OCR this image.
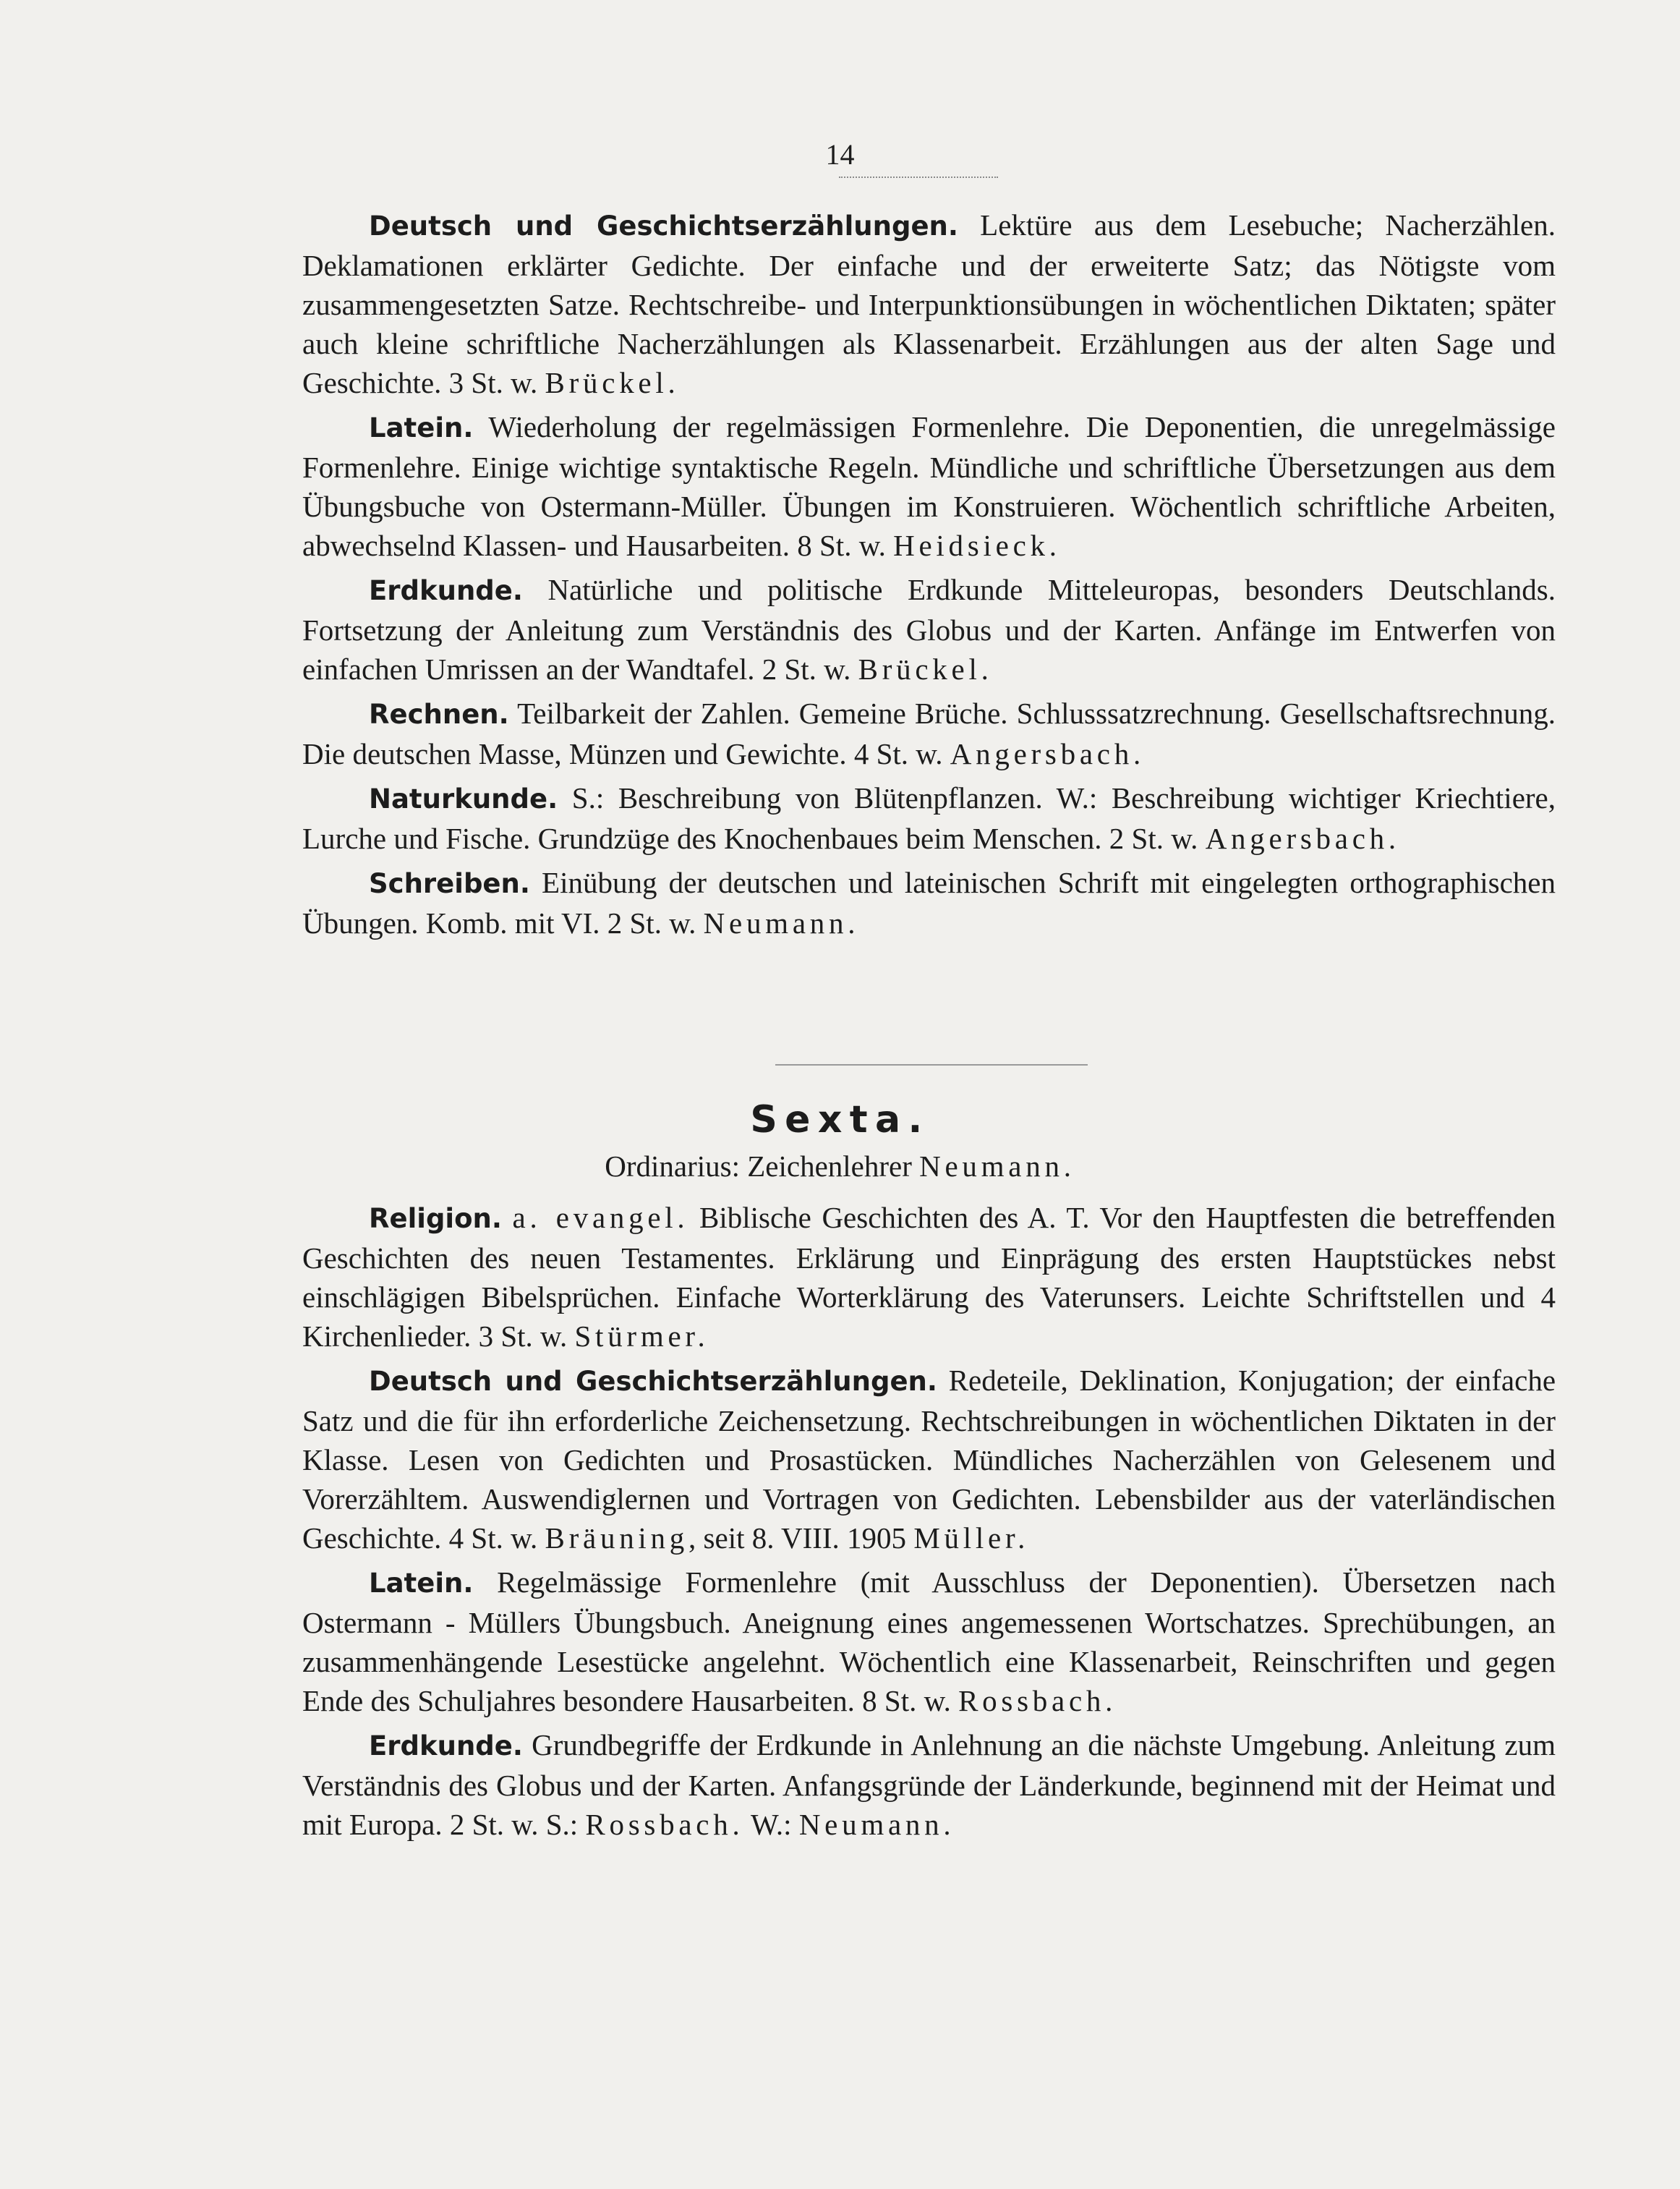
14

Deutsch und Geschichtserzählungen. Lektüre aus dem Lesebuche; Nacherzählen. Deklamationen erklärter Gedichte. Der einfache und der erweiterte Satz; das Nötigste vom zusammengesetzten Satze. Rechtschreibe- und Interpunktionsübungen in wöchentlichen Diktaten; später auch kleine schriftliche Nacherzählungen als Klassenarbeit. Erzählungen aus der alten Sage und Geschichte. 3 St. w. Brückel.

Latein. Wiederholung der regelmässigen Formenlehre. Die Deponentien, die unregelmässige Formenlehre. Einige wichtige syntaktische Regeln. Mündliche und schriftliche Übersetzungen aus dem Übungsbuche von Ostermann-Müller. Übungen im Konstruieren. Wöchentlich schriftliche Arbeiten, abwechselnd Klassen- und Hausarbeiten. 8 St. w. Heidsieck.

Erdkunde. Natürliche und politische Erdkunde Mitteleuropas, besonders Deutschlands. Fortsetzung der Anleitung zum Verständnis des Globus und der Karten. Anfänge im Entwerfen von einfachen Umrissen an der Wandtafel. 2 St. w. Brückel.

Rechnen. Teilbarkeit der Zahlen. Gemeine Brüche. Schlusssatzrechnung. Gesellschaftsrechnung. Die deutschen Masse, Münzen und Gewichte. 4 St. w. Angersbach.

Naturkunde. S.: Beschreibung von Blütenpflanzen. W.: Beschreibung wichtiger Kriechtiere, Lurche und Fische. Grundzüge des Knochenbaues beim Menschen. 2 St. w. Angersbach.

Schreiben. Einübung der deutschen und lateinischen Schrift mit eingelegten orthographischen Übungen. Komb. mit VI. 2 St. w. Neumann.

Sexta.
Ordinarius: Zeichenlehrer Neumann.

Religion. a. evangel. Biblische Geschichten des A. T. Vor den Hauptfesten die betreffenden Geschichten des neuen Testamentes. Erklärung und Einprägung des ersten Hauptstückes nebst einschlägigen Bibelsprüchen. Einfache Worterklärung des Vaterunsers. Leichte Schriftstellen und 4 Kirchenlieder. 3 St. w. Stürmer.

Deutsch und Geschichtserzählungen. Redeteile, Deklination, Konjugation; der einfache Satz und die für ihn erforderliche Zeichensetzung. Rechtschreibungen in wöchentlichen Diktaten in der Klasse. Lesen von Gedichten und Prosastücken. Mündliches Nacherzählen von Gelesenem und Vorerzähltem. Auswendiglernen und Vortragen von Gedichten. Lebensbilder aus der vaterländischen Geschichte. 4 St. w. Bräuning, seit 8. VIII. 1905 Müller.

Latein. Regelmässige Formenlehre (mit Ausschluss der Deponentien). Übersetzen nach Ostermann - Müllers Übungsbuch. Aneignung eines angemessenen Wortschatzes. Sprechübungen, an zusammenhängende Lesestücke angelehnt. Wöchentlich eine Klassenarbeit, Reinschriften und gegen Ende des Schuljahres besondere Hausarbeiten. 8 St. w. Rossbach.

Erdkunde. Grundbegriffe der Erdkunde in Anlehnung an die nächste Umgebung. Anleitung zum Verständnis des Globus und der Karten. Anfangsgründe der Länderkunde, beginnend mit der Heimat und mit Europa. 2 St. w. S.: Rossbach. W.: Neumann.
